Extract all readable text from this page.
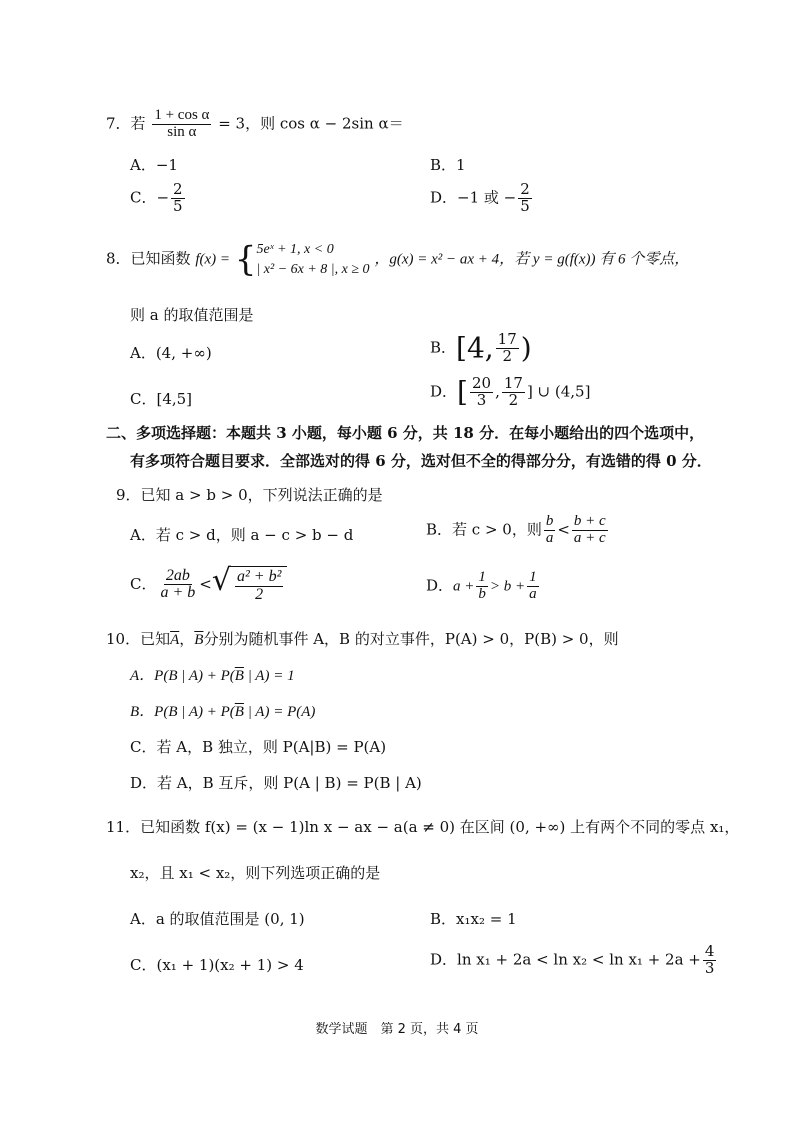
7．若 $\frac{\text{1 + cos α}}{\text{sin α}} = 3$，则 cos α − 2sin α＝
A．−1	B．1
C．− $\frac{2}{5}$	D．−1 或 − $\frac{2}{5}$
8．已知函数 f(x) = { 5eˣ + 1, x < 0
| x² − 6x + 8 |, x ≥ 0
，g(x) = x² − ax + 4，若 y = g(f(x)) 有 6 个零点，
则 a 的取值范围是
A．(4, +∞)	B．[4, $\frac{17}{2}$ )
C．[4,5]	D．[ $\frac{20}{3}$ , $\frac{17}{2}$ ] ∪ (4,5]
二、多项选择题：本题共 3 小题，每小题 6 分，共 18 分．在每小题给出的四个选项中，
有多项符合题目要求．全部选对的得 6 分，选对但不全的得部分分，有选错的得 0 分．
9．已知 a > b > 0，下列说法正确的是
A．若 c > d，则 a − c > b − d	B．若 c > 0，则 $\frac{b}{a} < \frac{b + c}{a + c}$
C． $\frac{2ab}{a + b}$ < √ $\frac{\text{a² + b²}}{2}$	D．$a + \frac{1}{b} > b + \frac{1}{a}$
10．已知$\overline{A}$，$\overline{B}$分别为随机事件 A，B 的对立事件，P(A) > 0，P(B) > 0，则
A．P(B | $A) + P(\overline{B}$ | A) = 1
B．P(B | $A) + P(\overline{B}$ | A) = P(A)
C．若 A，B 独立，则 P(A|B) = P(A)
D．若 A，B 互斥，则 P(A | B) = P(B | A)
11．已知函数 f(x) = (x − 1)ln x − ax − a(a ≠ 0) 在区间 (0, +∞) 上有两个不同的零点 x₁，
x₂，且 x₁ < x₂，则下列选项正确的是
A．a 的取值范围是 (0, 1)	B．x₁x₂ = 1
C．(x₁ + 1)(x₂ + 1) > 4	D．$\ln x_1 + 2a < \ln x_2 < \ln x_1 + 2a + \frac{4}{3}$
数学试题　第 2 页，共 4 页
